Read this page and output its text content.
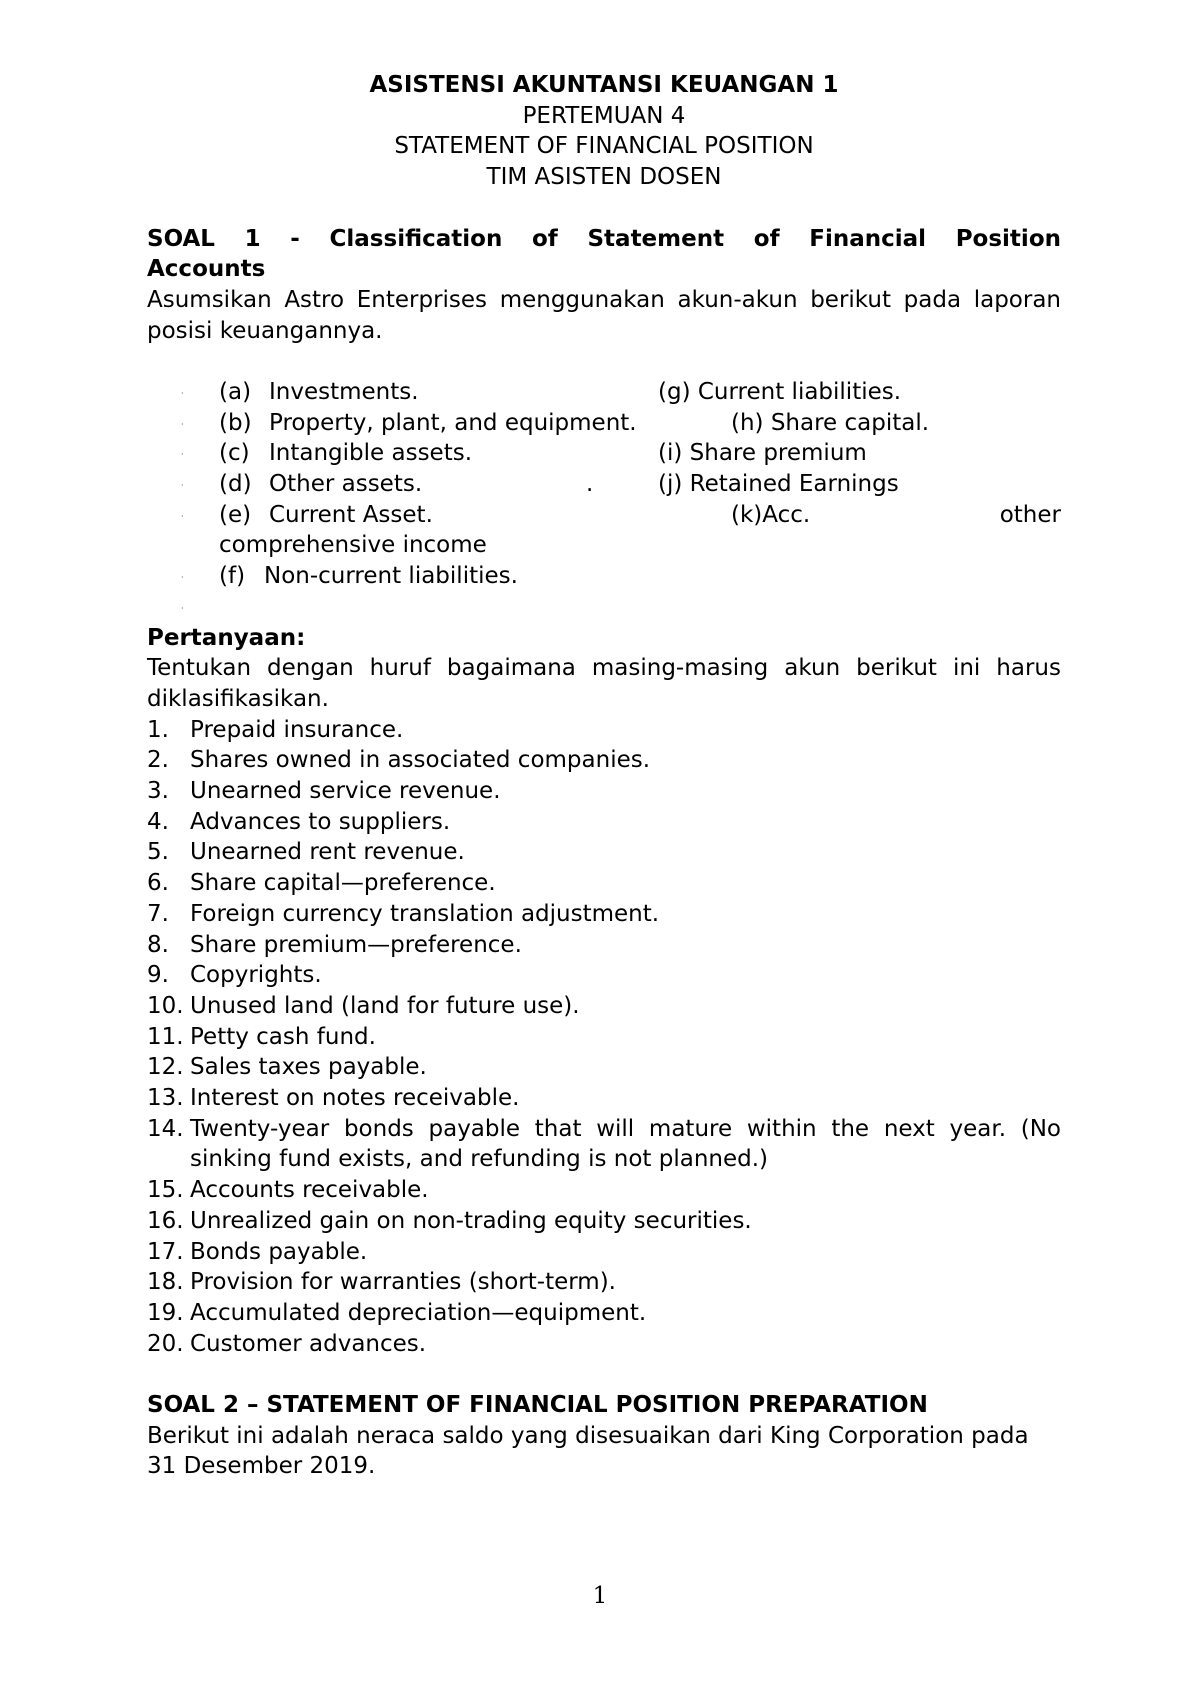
ASISTENSI AKUNTANSI KEUANGAN 1
PERTEMUAN 4
STATEMENT OF FINANCIAL POSITION
TIM ASISTEN DOSEN
SOAL 1 - Classification of Statement of Financial Position
Accounts
Asumsikan Astro Enterprises menggunakan akun-akun berikut pada laporan posisi keuangannya.
· (a) Investments.	(g) Current liabilities.
· (b) Property, plant, and equipment.	(h) Share capital.
· (c) Intangible assets.	(i) Share premium
· (d) Other assets.	.	(j) Retained Earnings
· (e) Current Asset.	(k)Acc.	other
comprehensive income
· (f) Non-current liabilities.
·
Pertanyaan:
Tentukan dengan huruf bagaimana masing-masing akun berikut ini harus diklasifikasikan.
1. Prepaid insurance.
2. Shares owned in associated companies.
3. Unearned service revenue.
4. Advances to suppliers.
5. Unearned rent revenue.
6. Share capital—preference.
7. Foreign currency translation adjustment.
8. Share premium—preference.
9. Copyrights.
10. Unused land (land for future use).
11. Petty cash fund.
12. Sales taxes payable.
13. Interest on notes receivable.
14. Twenty-year bonds payable that will mature within the next year. (No sinking fund exists, and refunding is not planned.)
15. Accounts receivable.
16. Unrealized gain on non-trading equity securities.
17. Bonds payable.
18. Provision for warranties (short-term).
19. Accumulated depreciation—equipment.
20. Customer advances.
SOAL 2 – STATEMENT OF FINANCIAL POSITION PREPARATION
Berikut ini adalah neraca saldo yang disesuaikan dari King Corporation pada 31 Desember 2019.
1
